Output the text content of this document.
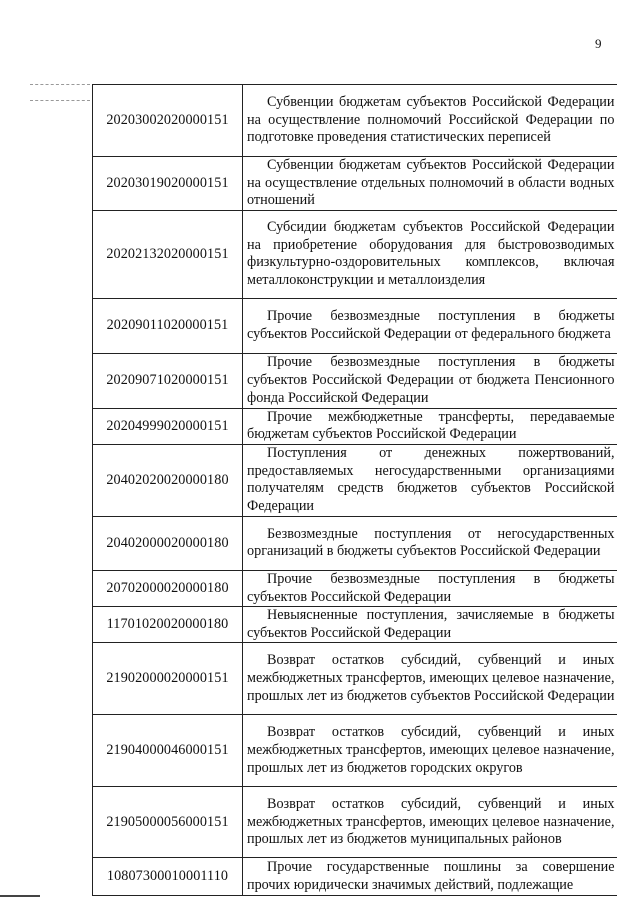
9
2020300202000015​1	Субвенции бюджетам субъектов Российской Федерации на осуществление полномочий Российской Федерации по подготовке проведения статистических переписей
20203019020000151	Субвенции бюджетам субъектов Российской Федерации на осуществление отдельных полномочий в области водных отношений
20202132020000151	Субсидии бюджетам субъектов Российской Федерации на приобретение оборудования для быстровозводимых физкультурно-оздоровительных комплексов, включая металлоконструкции и металлоизделия
20209011020000151	Прочие безвозмездные поступления в бюджеты субъектов Российской Федерации от федерального бюджета
20209071020000151	Прочие безвозмездные поступления в бюджеты субъектов Российской Федерации от бюджета Пенсионного фонда Российской Федерации
20204999020000151	Прочие межбюджетные трансферты, передаваемые бюджетам субъектов Российской Федерации
20402020020000180	Поступления от денежных пожертвований, предоставляемых негосударственными организациями получателям средств бюджетов субъектов Российской Федерации
20402000020000180	Безвозмездные поступления от негосударственных организаций в бюджеты субъектов Российской Федерации
20702000020000180	Прочие безвозмездные поступления в бюджеты субъектов Российской Федерации
11701020020000180	Невыясненные поступления, зачисляемые в бюджеты субъектов Российской Федерации
21902000020000151	Возврат остатков субсидий, субвенций и иных межбюджетных трансфертов, имеющих целевое назначение, прошлых лет из бюджетов субъектов Российской Федерации
21904000046000151	Возврат остатков субсидий, субвенций и иных межбюджетных трансфертов, имеющих целевое назначение, прошлых лет из бюджетов городских округов
21905000056000151	Возврат остатков субсидий, субвенций и иных межбюджетных трансфертов, имеющих целевое назначение, прошлых лет из бюджетов муниципальных районов
10807300010001110	Прочие государственные пошлины за совершение прочих юридически значимых действий, подлежащие
